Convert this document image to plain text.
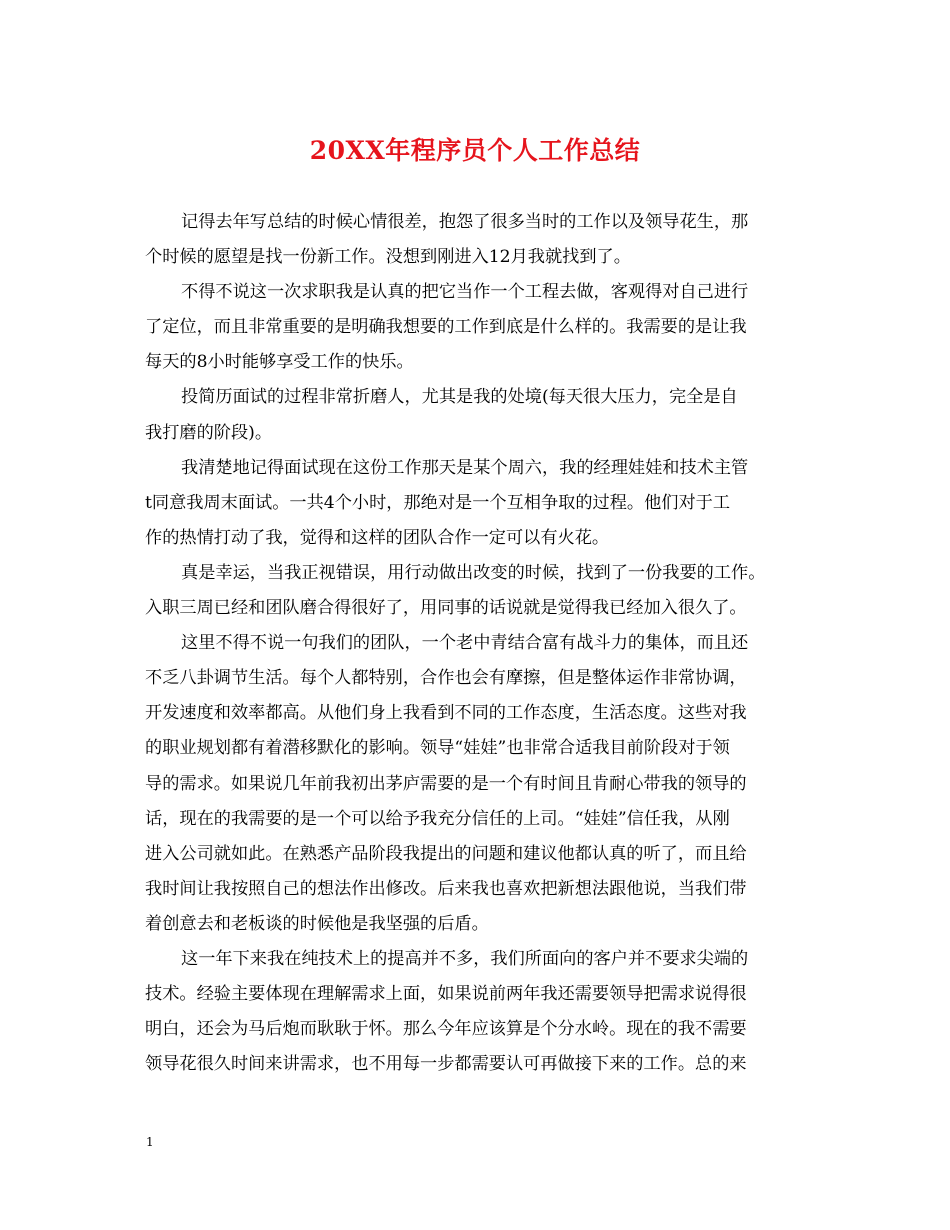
20XX年程序员个人工作总结
记得去年写总结的时候心情很差，抱怨了很多当时的工作以及领导花生，那
个时候的愿望是找一份新工作。没想到刚进入12月我就找到了。
不得不说这一次求职我是认真的把它当作一个工程去做，客观得对自己进行
了定位，而且非常重要的是明确我想要的工作到底是什么样的。我需要的是让我
每天的8小时能够享受工作的快乐。
投简历面试的过程非常折磨人，尤其是我的处境(每天很大压力，完全是自
我打磨的阶段)。
我清楚地记得面试现在这份工作那天是某个周六，我的经理娃娃和技术主管
t同意我周末面试。一共4个小时，那绝对是一个互相争取的过程。他们对于工
作的热情打动了我，觉得和这样的团队合作一定可以有火花。
真是幸运，当我正视错误，用行动做出改变的时候，找到了一份我要的工作。
入职三周已经和团队磨合得很好了，用同事的话说就是觉得我已经加入很久了。
这里不得不说一句我们的团队，一个老中青结合富有战斗力的集体，而且还
不乏八卦调节生活。每个人都特别，合作也会有摩擦，但是整体运作非常协调，
开发速度和效率都高。从他们身上我看到不同的工作态度，生活态度。这些对我
的职业规划都有着潜移默化的影响。领导“娃娃”也非常合适我目前阶段对于领
导的需求。如果说几年前我初出茅庐需要的是一个有时间且肯耐心带我的领导的
话，现在的我需要的是一个可以给予我充分信任的上司。“娃娃”信任我，从刚
进入公司就如此。在熟悉产品阶段我提出的问题和建议他都认真的听了，而且给
我时间让我按照自己的想法作出修改。后来我也喜欢把新想法跟他说，当我们带
着创意去和老板谈的时候他是我坚强的后盾。
这一年下来我在纯技术上的提高并不多，我们所面向的客户并不要求尖端的
技术。经验主要体现在理解需求上面，如果说前两年我还需要领导把需求说得很
明白，还会为马后炮而耿耿于怀。那么今年应该算是个分水岭。现在的我不需要
领导花很久时间来讲需求，也不用每一步都需要认可再做接下来的工作。总的来
1
